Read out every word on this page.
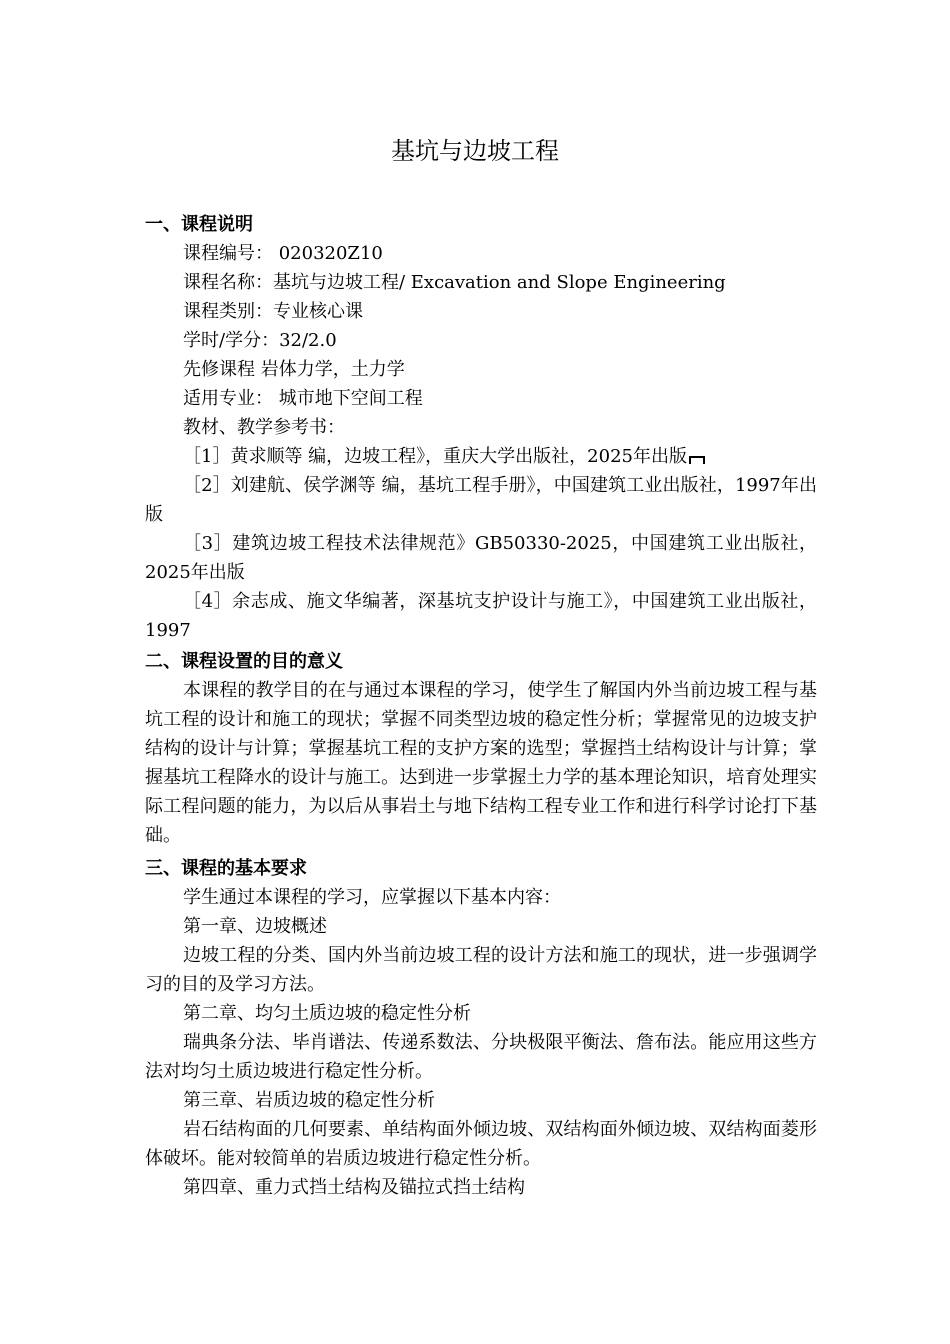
基坑与边坡工程
一、课程说明

课程编号： 020320Z10

课程名称：基坑与边坡工程/ Excavation and Slope Engineering

课程类别：专业核心课

学时/学分：32/2.0

先修课程 岩体力学，土力学

适用专业： 城市地下空间工程

教材、教学参考书：

［1］黄求顺等 编，边坡工程》，重庆大学出版社，2025年出版

［2］刘建航、侯学渊等 编，基坑工程手册》，中国建筑工业出版社，1997年出版

［3］建筑边坡工程技术法律规范》GB50330-2025，中国建筑工业出版社，2025年出版

［4］余志成、施文华编著，深基坑支护设计与施工》，中国建筑工业出版社，1997

二、课程设置的目的意义

本课程的教学目的在与通过本课程的学习，使学生了解国内外当前边坡工程与基坑工程的设计和施工的现状；掌握不同类型边坡的稳定性分析；掌握常见的边坡支护结构的设计与计算；掌握基坑工程的支护方案的选型；掌握挡土结构设计与计算；掌握基坑工程降水的设计与施工。达到进一步掌握土力学的基本理论知识，培育处理实际工程问题的能力，为以后从事岩土与地下结构工程专业工作和进行科学讨论打下基础。

三、课程的基本要求

学生通过本课程的学习，应掌握以下基本内容：

第一章、边坡概述

边坡工程的分类、国内外当前边坡工程的设计方法和施工的现状，进一步强调学习的目的及学习方法。

第二章、均匀土质边坡的稳定性分析

瑞典条分法、毕肖谱法、传递系数法、分块极限平衡法、詹布法。能应用这些方法对均匀土质边坡进行稳定性分析。

第三章、岩质边坡的稳定性分析

岩石结构面的几何要素、单结构面外倾边坡、双结构面外倾边坡、双结构面菱形体破坏。能对较简单的岩质边坡进行稳定性分析。

第四章、重力式挡土结构及锚拉式挡土结构
